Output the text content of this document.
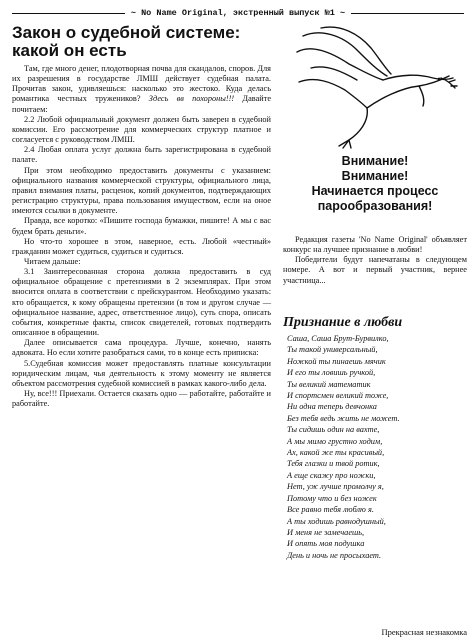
~ No Name Original, экстренный выпуск №1 ~
Закон о судебной системе:
какой он есть

Там, где много денег, плодотворная почва для скандалов, споров. Для их разрешения в государстве ЛМШ действует судебная палата. Прочитав закон, удивляешься: насколько это жестоко. Куда делась романтика честных тружеников? Здесь вв похороны!!! Давайте почитаем:

2.2 Любой официальный документ должен быть заверен в судебной комиссии. Его рассмотрение для коммерческих структур платное и согласуется с руководством ЛМШ.

2.4 Любая оплата услуг должна быть зарегистрирована в судебной палате.

При этом необходимо предоставить документы с указанием: официального названия коммерческой структуры, официального лица, правил взимания платы, расценок, копий документов, подтверждающих регистрацию структуры, права пользования имуществом, если на оное имеются ссылки в документе.

Правда, все коротко: «Пишите господа бумажки, пишите! А мы с вас будем брать деньги».

Но что-то хорошее в этом, наверное, есть. Любой «честный» гражданин может судиться, судиться и судиться.

Читаем дальше:

3.1 Заинтересованная сторона должна предоставить в суд официальное обращение с претензиями в 2 экземплярах. При этом вносится оплата в соответствии с прейскурантом. Необходимо указать: кто обращается, к кому обращены претензии (в том и другом случае — официальное название, адрес, ответственное лицо), суть спора, описать события, конкретные факты, список свидетелей, готовых подтвердить описанное в обращении.

Далее описывается сама процедура. Лучше, конечно, нанять адвоката. Но если хотите разобраться сами, то в конце есть приписка:

5.Судебная комиссия может предоставлять платные консультации юридическим лицам, чья деятельность к этому моменту не является объектом рассмотрения судебной комиссией в рамках какого-либо дела.

Ну, все!!! Приехали. Остается сказать одно — работайте, работайте и работайте.

Внимание!
Внимание!
Начинается процесс
парообразования!

Редакция газеты 'No Name Original' объявляет конкурс на лучшее признание в любви!

Победители будут напечатаны в следующем номере. А вот и первый участник, вернее участница...

Признание в любви
Саша, Саша Брут-Бурвилко,
Ты такой универсальный,
Ножкой ты пинаешь мячик
И его ты ловишь ручкой,
Ты великий математик
И спортсмен великий тоже,
Ни одна теперь девчонка
Без тебя ведь жить не может.
Ты сидишь один на вахте,
А мы мимо грустно ходим,
Ах, какой же ты красивый,
Тебя глазки и твой ротик,
А еще скажу про ножки,
Нет, уж лучше промолчу я,
Потому что и без ножек
Все равно тебя люблю я.
А ты ходишь равнодушный,
И меня не замечаешь,
И опять моя подушка
День и ночь не просыхает.
Прекрасная незнакомка
